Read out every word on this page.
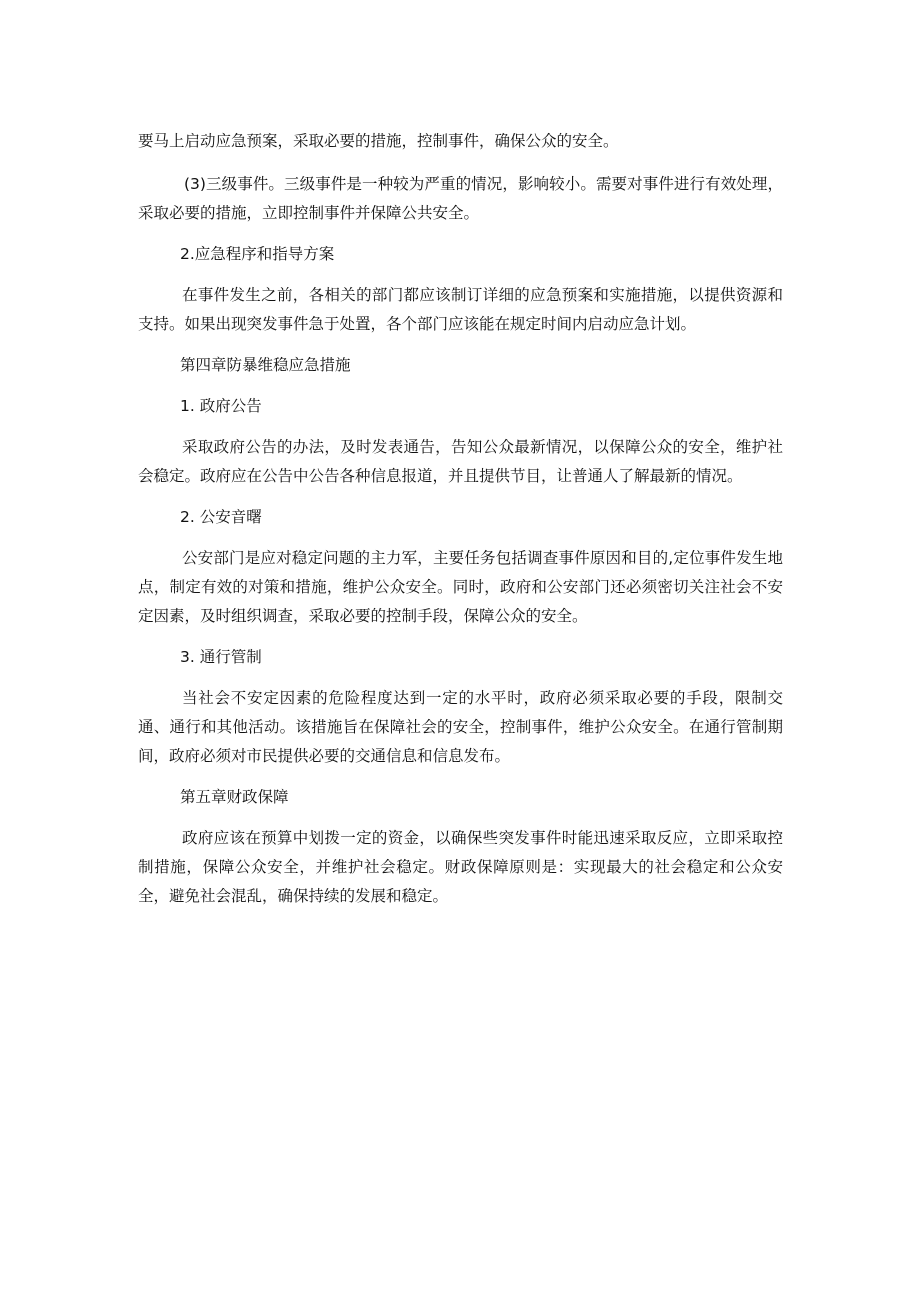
要马上启动应急预案，采取必要的措施，控制事件，确保公众的安全。

(3)三级事件。三级事件是一种较为严重的情况，影响较小。需要对事件进行有效处理，采取必要的措施，立即控制事件并保障公共安全。

2.应急程序和指导方案

在事件发生之前，各相关的部门都应该制订详细的应急预案和实施措施，以提供资源和支持。如果出现突发事件急于处置，各个部门应该能在规定时间内启动应急计划。

第四章防暴维稳应急措施

1. 政府公告

采取政府公告的办法，及时发表通告，告知公众最新情况，以保障公众的安全，维护社会稳定。政府应在公告中公告各种信息报道，并且提供节目，让普通人了解最新的情况。

2. 公安音曙

公安部门是应对稳定问题的主力军，主要任务包括调查事件原因和目的,定位事件发生地点，制定有效的对策和措施，维护公众安全。同时，政府和公安部门还必须密切关注社会不安定因素，及时组织调查，采取必要的控制手段，保障公众的安全。

3. 通行管制

当社会不安定因素的危险程度达到一定的水平时，政府必须采取必要的手段，限制交通、通行和其他活动。该措施旨在保障社会的安全，控制事件，维护公众安全。在通行管制期间，政府必须对市民提供必要的交通信息和信息发布。

第五章财政保障

政府应该在预算中划拨一定的资金，以确保些突发事件时能迅速采取反应，立即采取控制措施，保障公众安全，并维护社会稳定。财政保障原则是：实现最大的社会稳定和公众安全，避免社会混乱，确保持续的发展和稳定。
